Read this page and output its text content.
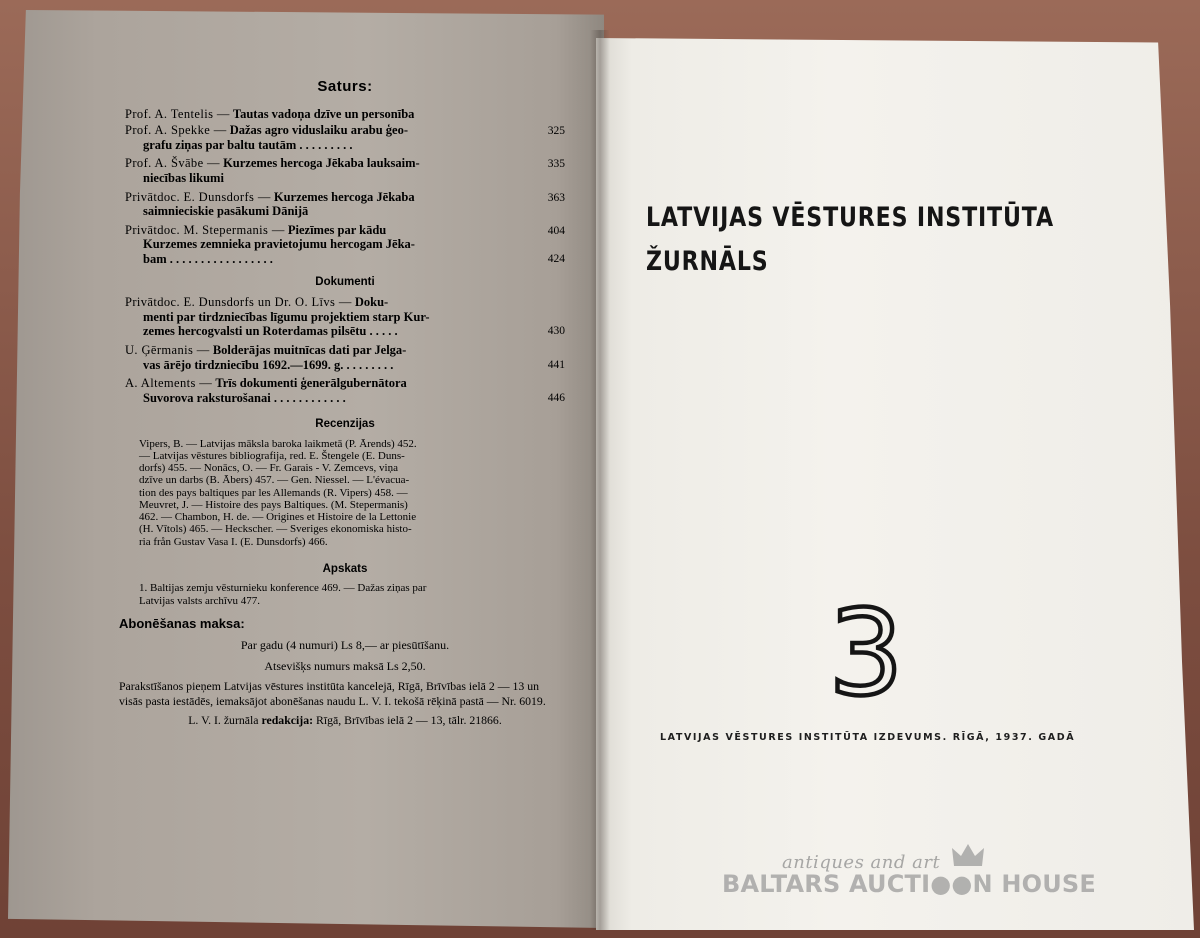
Saturs:
Prof. A. Tentelis — Tautas vadoņa dzīve un personība
325
Prof. A. Spekke — Dažas agro viduslaiku arabu ģeo-
grafu ziņas par baltu tautām . . . . . . . . .
335
Prof. A. Švābe — Kurzemes hercoga Jēkaba lauksaim-
niecības likumi
363
Privātdoc. E. Dunsdorfs — Kurzemes hercoga Jēkaba
saimnieciskie pasākumi Dānijā
404
424
Privātdoc. M. Stepermanis — Piezīmes par kādu
Kurzemes zemnieka pravietojumu hercogam Jēka-
bam . . . . . . . . . . . . . . . . .
Dokumenti
430
Privātdoc. E. Dunsdorfs un Dr. O. Līvs — Doku-
menti par tirdzniecības līgumu projektiem starp Kur-
zemes hercogvalsti un Roterdamas pilsētu . . . . .
441
U. Ģērmanis — Bolderājas muitnīcas dati par Jelga-
vas ārējo tirdzniecību 1692.—1699. g. . . . . . . . .
446
A. Altements — Trīs dokumenti ģenerālgubernātora
Suvorova raksturošanai . . . . . . . . . . . .
Recenzijas
Vipers, B. — Latvijas māksla baroka laikmetā (P. Ārends) 452.
— Latvijas vēstures bibliografija, red. E. Štengele (E. Duns-
dorfs) 455. — Nonācs, O. — Fr. Garais - V. Zemcevs, viņa
dzīve un darbs (B. Ābers) 457. — Gen. Niessel. — L'évacua-
tion des pays baltiques par les Allemands (R. Vipers) 458. —
Meuvret, J. — Histoire des pays Baltiques. (M. Stepermanis)
462. — Chambon, H. de. — Origines et Histoire de la Lettonie
(H. Vītols) 465. — Heckscher. — Sveriges ekonomiska histo-
ria från Gustav Vasa I. (E. Dunsdorfs) 466.
Apskats
1. Baltijas zemju vēsturnieku konference 469. — Dažas ziņas par
Latvijas valsts archīvu 477.
Abonēšanas maksa:
Par gadu (4 numuri) Ls 8,— ar piesūtīšanu.
Atsevišķs numurs maksā Ls 2,50.
Parakstīšanos pieņem Latvijas vēstures institūta kancelejā, Rīgā, Brīvības ielā 2 — 13 un visās pasta iestādēs, iemaksājot abonēšanas naudu L. V. I. tekošā rēķinā pastā — Nr. 6019.
L. V. I. žurnāla redakcija: Rīgā, Brīvības ielā 2 — 13, tālr. 21866.
LATVIJAS VĒSTURES INSTITŪTA
ŽURNĀLS
3
LATVIJAS VĒSTURES INSTITŪTA IZDEVUMS. RĪGĀ, 1937. GADĀ
antiques and art
BALTARS AUCTI●●N HOUSE
